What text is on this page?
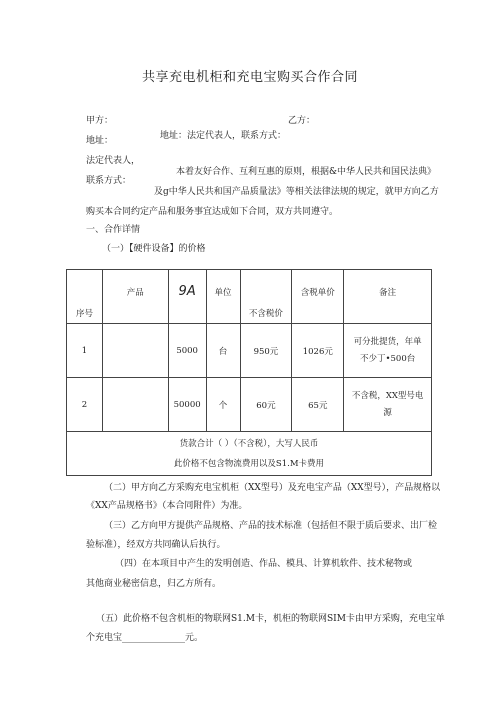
共享充电机柜和充电宝购买合作合同
甲方：	乙方：
地址：	地址：法定代表人，联系方式：
法定代表人，
本着友好合作、互利互惠的原则，根据&中华人民共和国民法典》
联系方式：
及g中华人民共和国产品质量法》等相关法律法规的规定，就甲方向乙方
购买本合同约定产品和服务事宜达成如下合同，双方共同遵守。
一、合作详情
（一）【硬件设备】的价格
序号	产品	9A	单位	不含税价	含税单价	备注
1		5000	台	950元	1026元	可分批提货，年单
不少丁•500台

2		50000	个	60元	65元	不含税，XX型号电
源

货款合计（ ）（不含税），大写人民币
此价格不包含物流费用以及S1.M卡费用						
（二）甲方向乙方采购充电宝机柜（XX型号）及充电宝产品（XX型号），产品规格以
《XX产品规格书》（本合同附件）为准。
（三）乙方向甲方提供产品规格、产品的技术标准（包括但不限于质后要求、出厂检
验标准），经双方共同确认后执行。
（四）在本项目中产生的发明创造、作品、模具、计算机软件、技术秘物或
其他商业秘密信息，归乙方所有。
（五）此价格不包含机柜的物联网S1.M卡，机柜的物联网SIM卡由甲方采购，充电宝单
个充电宝______________元。
